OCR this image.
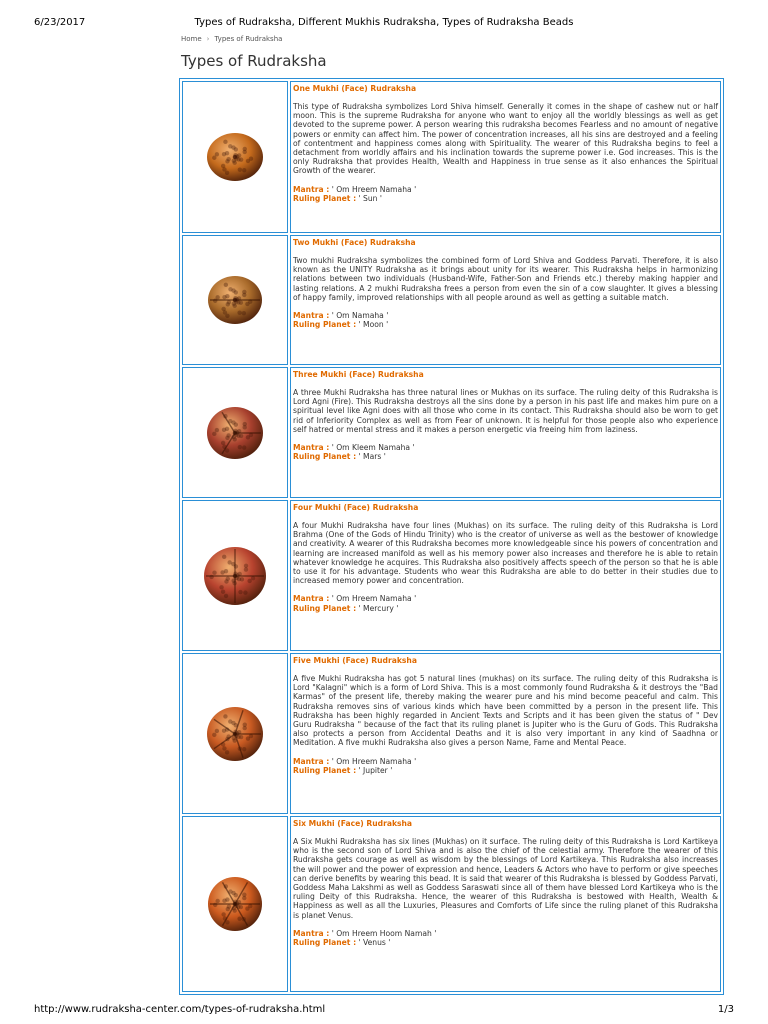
6/23/2017	Types of Rudraksha, Different Mukhis Rudraksha, Types of Rudraksha Beads
Home › Types of Rudraksha
Types of Rudraksha

One Mukhi (Face) Rudraksha
This type of Rudraksha symbolizes Lord Shiva himself. Generally it comes in the shape of cashew nut or half moon. This is the supreme Rudraksha for anyone who want to enjoy all the worldly blessings as well as get devoted to the supreme power. A person wearing this rudraksha becomes Fearless and no amount of negative powers or enmity can affect him. The power of concentration increases, all his sins are destroyed and a feeling of contentment and happiness comes along with Spirituality. The wearer of this Rudraksha begins to feel a detachment from worldly affairs and his inclination towards the supreme power i.e. God increases. This is the only Rudraksha that provides Health, Wealth and Happiness in true sense as it also enhances the Spiritual Growth of the wearer.
Mantra : ' Om Hreem Namaha '
Ruling Planet : ' Sun '

Two Mukhi (Face) Rudraksha
Two mukhi Rudraksha symbolizes the combined form of Lord Shiva and Goddess Parvati. Therefore, it is also known as the UNITY Rudraksha as it brings about unity for its wearer. This Rudraksha helps in harmonizing relations between two individuals (Husband-Wife, Father-Son and Friends etc.) thereby making happier and lasting relations. A 2 mukhi Rudraksha frees a person from even the sin of a cow slaughter. It gives a blessing of happy family, improved relationships with all people around as well as getting a suitable match.
Mantra : ' Om Namaha '
Ruling Planet : ' Moon '

Three Mukhi (Face) Rudraksha
A three Mukhi Rudraksha has three natural lines or Mukhas on its surface. The ruling deity of this Rudraksha is Lord Agni (Fire). This Rudraksha destroys all the sins done by a person in his past life and makes him pure on a spiritual level like Agni does with all those who come in its contact. This Rudraksha should also be worn to get rid of Inferiority Complex as well as from Fear of unknown. It is helpful for those people also who experience self hatred or mental stress and it makes a person energetic via freeing him from laziness.
Mantra : ' Om Kleem Namaha '
Ruling Planet : ' Mars '

Four Mukhi (Face) Rudraksha
A four Mukhi Rudraksha have four lines (Mukhas) on its surface. The ruling deity of this Rudraksha is Lord Brahma (One of the Gods of Hindu Trinity) who is the creator of universe as well as the bestower of knowledge and creativity. A wearer of this Rudraksha becomes more knowledgeable since his powers of concentration and learning are increased manifold as well as his memory power also increases and therefore he is able to retain whatever knowledge he acquires. This Rudraksha also positively affects speech of the person so that he is able to use it for his advantage. Students who wear this Rudraksha are able to do better in their studies due to increased memory power and concentration.
Mantra : ' Om Hreem Namaha '
Ruling Planet : ' Mercury '

Five Mukhi (Face) Rudraksha
A five Mukhi Rudraksha has got 5 natural lines (mukhas) on its surface. The ruling deity of this Rudraksha is Lord "Kalagni" which is a form of Lord Shiva. This is a most commonly found Rudraksha & it destroys the "Bad Karmas" of the present life, thereby making the wearer pure and his mind become peaceful and calm. This Rudraksha removes sins of various kinds which have been committed by a person in the present life. This Rudraksha has been highly regarded in Ancient Texts and Scripts and it has been given the status of " Dev Guru Rudraksha " because of the fact that its ruling planet is Jupiter who is the Guru of Gods. This Rudraksha also protects a person from Accidental Deaths and it is also very important in any kind of Saadhna or Meditation. A five mukhi Rudraksha also gives a person Name, Fame and Mental Peace.
Mantra : ' Om Hreem Namaha '
Ruling Planet : ' Jupiter '

Six Mukhi (Face) Rudraksha
A Six Mukhi Rudraksha has six lines (Mukhas) on it surface. The ruling deity of this Rudraksha is Lord Kartikeya who is the second son of Lord Shiva and is also the chief of the celestial army. Therefore the wearer of this Rudraksha gets courage as well as wisdom by the blessings of Lord Kartikeya. This Rudraksha also increases the will power and the power of expression and hence, Leaders & Actors who have to perform or give speeches can derive benefits by wearing this bead. It is said that wearer of this Rudraksha is blessed by Goddess Parvati, Goddess Maha Lakshmi as well as Goddess Saraswati since all of them have blessed Lord Kartikeya who is the ruling Deity of this Rudraksha. Hence, the wearer of this Rudraksha is bestowed with Health, Wealth & Happiness as well as all the Luxuries, Pleasures and Comforts of Life since the ruling planet of this Rudraksha is planet Venus.
Mantra : ' Om Hreem Hoom Namah '
Ruling Planet : ' Venus '
http://www.rudraksha-center.com/types-of-rudraksha.html	1/3
